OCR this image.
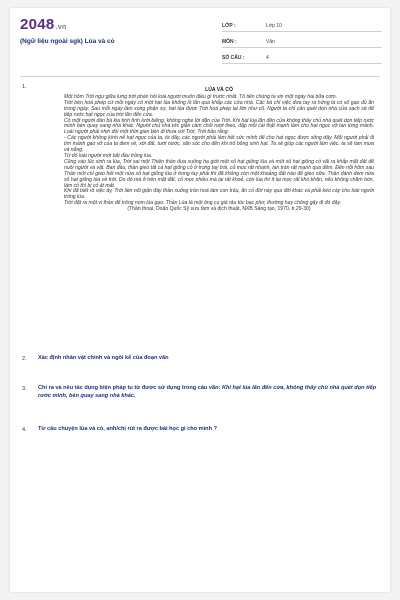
2048.vn
(Ngữ liệu ngoài sgk) Lúa và cỏ
LỚP :	Lớp 10
MÔN :	Văn
SỐ CÂU :	4
1.	LÚA VÀ CỎ

Một hôm Trời ngự giữa lưng trời phán hỏi loài người muốn điều gì trước nhất. Tố tiên chúng ta xin một ngày hai bữa cơm.

Trời bèn hoá phép cứ mỗi ngày có một hạt lúa khổng lồ lăn qua khắp các cửa nhà. Các bà chỉ việc đưa tay ra hứng là có số gạo đủ ăn trong ngày. Sau mỗi ngày làm xong phận sự, hạt lúa được Trời hoá phép lại lớn như cũ. Người ta chỉ cần quét dọn nhà cửa sạch sẽ để tiếp rước hạt ngọc của trời lăn đến cửa.

Có một người đàn bà kia tính tình lười biếng, không nghe lời dặn của Trời. Khi hạt lúa lăn đến cửa không thấy chủ nhà quét dọn tiếp rước mình bèn quay sang nhà khác. Người chủ nhà tức giận cầm chổi rượt theo, đập mỗi cái thật mạnh làm cho hạt ngọc vỡ tan từng mảnh. Loài người phải nhịn đói một thời gian bèn đi thưa với Trời, Trời bảo rằng:

- Các người không kính nể hạt ngọc của ta, từ đây, các người phải làm hết sức mình để cho hạt ngọc được sống dậy. Mỗi người phải đi tìm mảnh gạo vỡ của ta đem về, xới đất, tưới nước, săn sóc cho đến khi trổ bông sinh hạt. Ta sẽ giúp các người làm việc, ta sẽ làm mưa và nắng.

Từ đó loài người mới bắt đầu trồng lúa.

Cũng vào lúc sinh ra lúa, Trời sai một Thiên thần đưa xuống hạ giới một số hạt giống lúa và một số hạt giống cỏ vãi ra khắp mặt đất để nuôi người và vật. Ban đầu, thần gieo tất cả hạt giống cỏ ở trong tay trái, cỏ mọc rất nhanh, lan tràn rất mạnh qua đêm. Đến nỗi hôm sau Thần mới chỉ gieo hết một nửa số hạt giống lúa ở trong tay phải thì đã không còn một khoảng đất nào để gieo nữa. Thần đành đem nửa số hạt giống lúa về trời. Do đó mà ở trên mặt đất, cỏ mọc nhiều mà lại rất khoẻ, còn lúa thì ít lại mọc rất khó khăn, nếu không chăm bón, làm cỏ thì bị cỏ át mất.

Khi đã biết rõ việc ấy, Trời liền nổi giận đày thần xuống trần hoá làm con trâu, ăn cỏ đời này qua đời khác và phải kéo cày cho loài người trồng lúa.

Trời đặt ra một vị thần để trông nom lúa gạo. Thần Lúa là một ông cụ già râu tóc bạc phơ, thường hay chống gậy đi đó đây.

(Thần thoại, Doãn Quốc Sỹ sưu tầm và dịch thuật, NXB Sáng tạo, 1970, tr.29-30)

2. Xác định nhân vật chính và ngôi kể của đoạn văn
3. Chỉ ra và nêu tác dụng biện pháp tu từ được sử dụng trong câu văn: Khi hạt lúa lăn đến cửa, không thấy chủ nhà quét dọn tiếp rước mình, bèn quay sang nhà khác.
4. Từ câu chuyện lúa và cỏ, anh/chị rút ra được bài học gì cho mình ?
